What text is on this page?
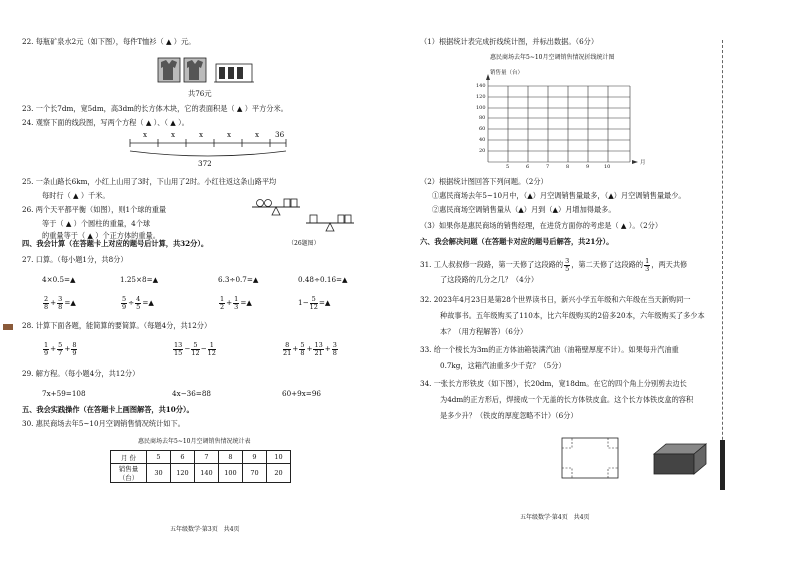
22. 每瓶矿泉水2元（如下图），每件T恤衫（ ▲ ）元。
共76元
23. 一个长7dm，宽5dm，高3dm的长方体木块，它的表面积是（ ▲ ）平方分米。
24. 观察下面的线段图，写两个方程（ ▲ ）、（ ▲ ）。
x	x	x	x	x 36
372
25. 一条山路长6km，小红上山用了3时，下山用了2时。小红往返这条山路平均
每时行（ ▲ ）千米。
26. 两个天平都平衡（如图），则1个球的重量
等于（ ▲ ）个圆柱的重量，4个球
的重量等于（ ▲ ）个正方体的重量。
（26题图）
四、我会计算（在答题卡上对应的题号后计算，共32分）。
27. 口算。（每小题1分，共8分）
4×0.5=▲	1.25×8=▲	6.3÷0.7=▲	0.48÷0.16=▲
$\frac{2}{8} + \frac{3}{8}$ =▲	$\frac{5}{9} \div \frac{4}{5}$ =▲	$\frac{1}{2} + \frac{1}{3}$ =▲	$1- \frac{5}{12}$ =▲
28. 计算下面各题，能简算的要简算。（每题4分，共12分）
$\frac{1}{9} + \frac{5}{7} + \frac{8}{9}$	$\frac{13}{15} - \frac{5}{12} - \frac{1}{12}$	$\frac{8}{21} + \frac{5}{8} + \frac{13}{21} + \frac{3}{8}$
29. 解方程。（每小题4分，共12分）
7x+59=108	4x−36=88	60+9x=96
五、我会实践操作（在答题卡上画图解答，共10分）。
30. 惠民商场去年5~10月空调销售情况统计如下。
惠民商场去年5~10月空调销售情况统计表
月 份	5	6	7	8	9	10
销售量（台）	30	120	140	100	70	20
五年级数学·第3页　共4页
（1）根据统计表完成折线统计图，并标出数据。（6分）
惠民商场去年5~10月空调销售情况折线统计图
销售量（台）
140
120
100
80
60
40
20
5	6	7	8	9	10
月
（2）根据统计图回答下列问题。（2分）
①惠民商场去年5~10月中，（▲）月空调销售量最多，（▲）月空调销售量最少。
②惠民商场空调销售量从（▲）月到（▲）月增加得最多。
（3）如果你是惠民商场的销售经理，在进货方面你的考虑是（ ▲ ）。（2分）
六、我会解决问题（在答题卡对应的题号后解答，共21分）。
31. 工人叔叔修一段路，第一天修了这段路的 $\frac{3}{5}$ ，第二天修了这段路的 $\frac{1}{3}$ ，两天共修
了这段路的几分之几？（4分）
32. 2023年4月23日是第28个世界读书日，新兴小学五年级和六年级在当天新购同一
种故事书。五年级购买了110本，比六年级购买的2倍多20本，六年级购买了多少本
本？（用方程解答）（6分）
33. 给一个棱长为3m的正方体油箱装满汽油（油箱壁厚度不计）。如果每升汽油重
0.7kg，这箱汽油重多少千克？（5分）
34. 一张长方形铁皮（如下图），长20dm，宽18dm。在它的四个角上分别剪去边长
为4dm的正方形后，焊接成一个无盖的长方体铁皮盒。这个长方体铁皮盒的容积
是多少升？（铁皮的厚度忽略不计）（6分）
五年级数学·第4页　共4页
